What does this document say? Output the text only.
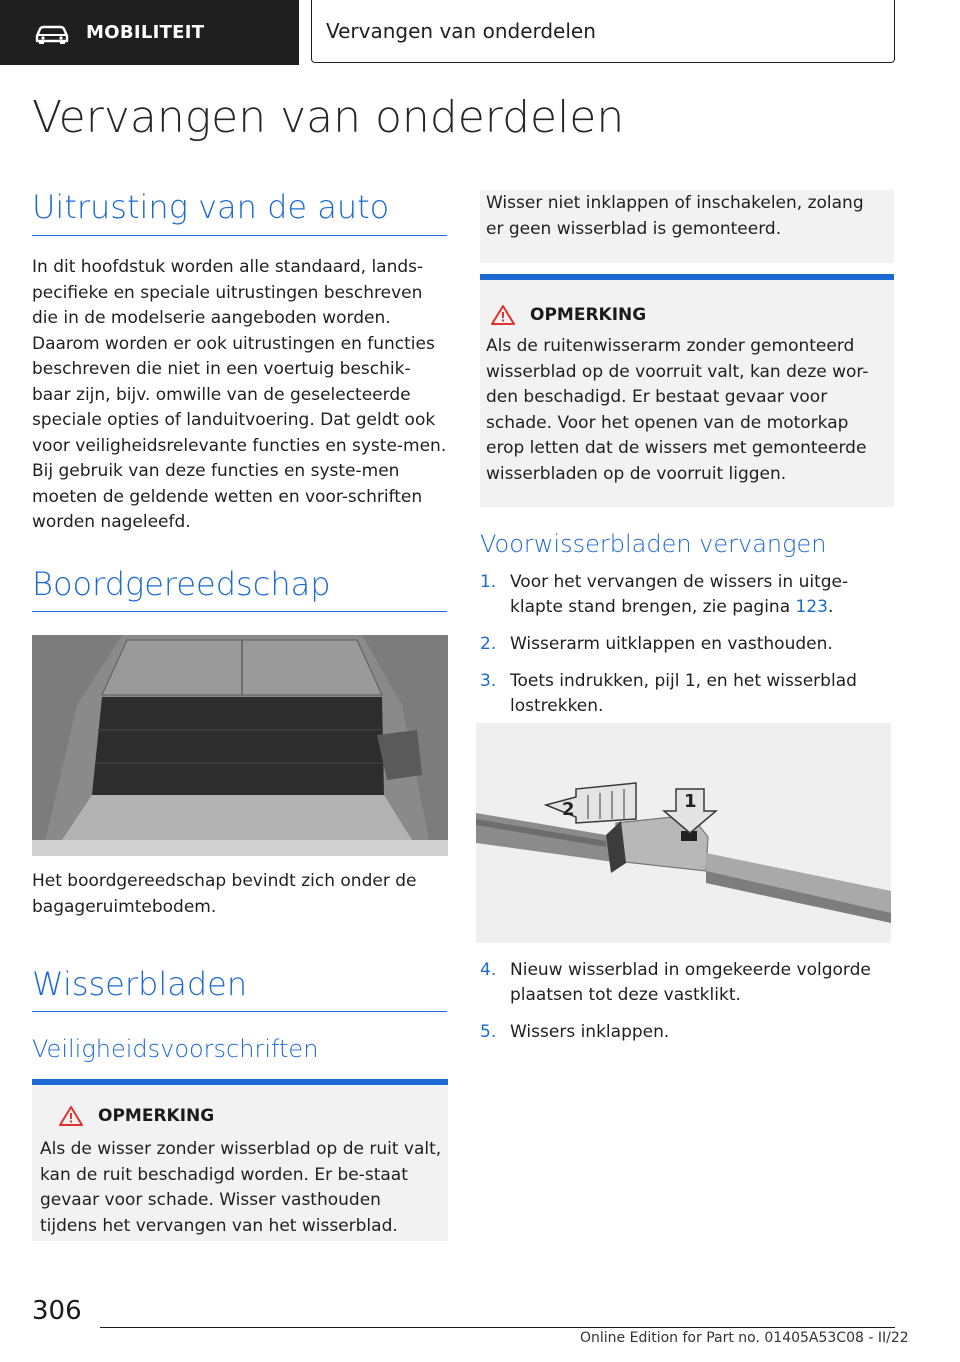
MOBILITEIT	Vervangen van onderdelen
Vervangen van onderdelen
Uitrusting van de auto
In dit hoofdstuk worden alle standaard, lands-pecifieke en speciale uitrustingen beschreven die in de modelserie aangeboden worden. Daarom worden er ook uitrustingen en functies beschreven die niet in een voertuig beschik-baar zijn, bijv. omwille van de geselecteerde speciale opties of landuitvoering. Dat geldt ook voor veiligheidsrelevante functies en syste-men. Bij gebruik van deze functies en syste-men moeten de geldende wetten en voor-schriften worden nageleefd.
Boordgereedschap
Het boordgereedschap bevindt zich onder de bagageruimtebodem.
Wisserbladen
Veiligheidsvoorschriften
OPMERKING
Als de wisser zonder wisserblad op de ruit valt, kan de ruit beschadigd worden. Er be-staat gevaar voor schade. Wisser vasthouden tijdens het vervangen van het wisserblad.
Wisser niet inklappen of inschakelen, zolang er geen wisserblad is gemonteerd.
OPMERKING
Als de ruitenwisserarm zonder gemonteerd wisserblad op de voorruit valt, kan deze wor-den beschadigd. Er bestaat gevaar voor schade. Voor het openen van de motorkap erop letten dat de wissers met gemonteerde wisserbladen op de voorruit liggen.
Voorwisserbladen vervangen
1. Voor het vervangen de wissers in uitge-klapte stand brengen, zie pagina 123.
2. Wisserarm uitklappen en vasthouden.
3. Toets indrukken, pijl 1, en het wisserblad lostrekken.
2	1
4. Nieuw wisserblad in omgekeerde volgorde plaatsen tot deze vastklikt.
5. Wissers inklappen.
306
Online Edition for Part no. 01405A53C08 - II/22
